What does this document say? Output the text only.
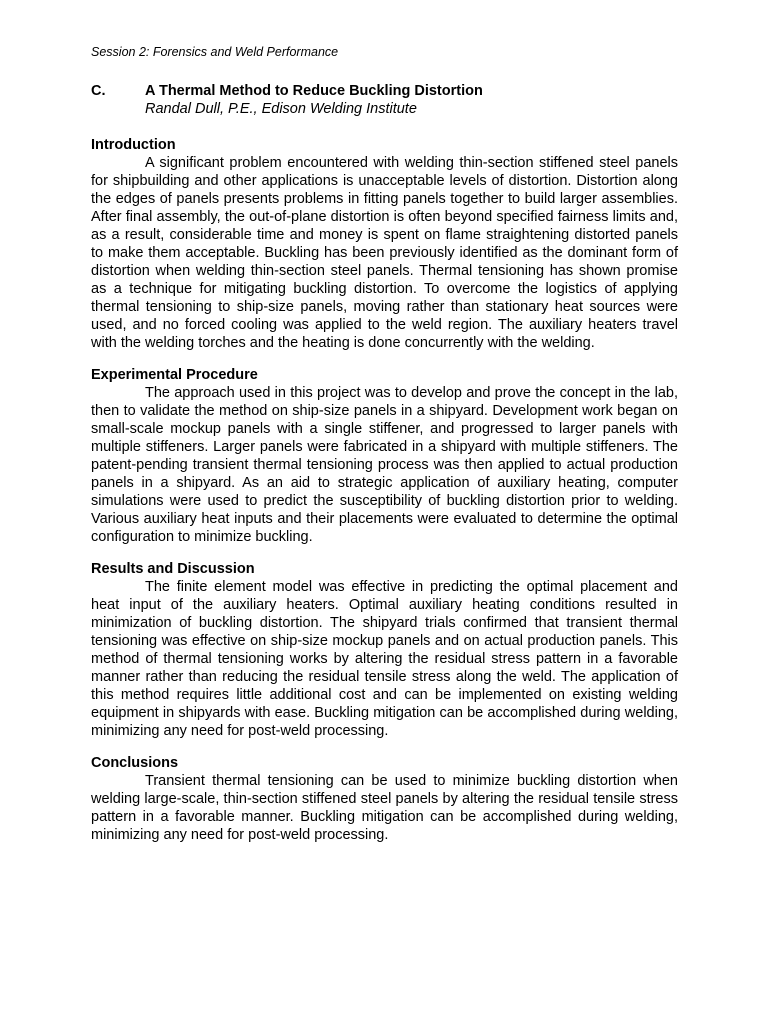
Session 2: Forensics and Weld Performance

C.	A Thermal Method to Reduce Buckling Distortion

Randal Dull, P.E., Edison Welding Institute

Introduction

A significant problem encountered with welding thin-section stiffened steel panels for shipbuilding and other applications is unacceptable levels of distortion. Distortion along the edges of panels presents problems in fitting panels together to build larger assemblies. After final assembly, the out-of-plane distortion is often beyond specified fairness limits and, as a result, considerable time and money is spent on flame straightening distorted panels to make them acceptable. Buckling has been previously identified as the dominant form of distortion when welding thin-section steel panels. Thermal tensioning has shown promise as a technique for mitigating buckling distortion. To overcome the logistics of applying thermal tensioning to ship-size panels, moving rather than stationary heat sources were used, and no forced cooling was applied to the weld region. The auxiliary heaters travel with the welding torches and the heating is done concurrently with the welding.

Experimental Procedure

The approach used in this project was to develop and prove the concept in the lab, then to validate the method on ship-size panels in a shipyard. Development work began on small-scale mockup panels with a single stiffener, and progressed to larger panels with multiple stiffeners. Larger panels were fabricated in a shipyard with multiple stiffeners. The patent-pending transient thermal tensioning process was then applied to actual production panels in a shipyard. As an aid to strategic application of auxiliary heating, computer simulations were used to predict the susceptibility of buckling distortion prior to welding. Various auxiliary heat inputs and their placements were evaluated to determine the optimal configuration to minimize buckling.

Results and Discussion

The finite element model was effective in predicting the optimal placement and heat input of the auxiliary heaters. Optimal auxiliary heating conditions resulted in minimization of buckling distortion. The shipyard trials confirmed that transient thermal tensioning was effective on ship-size mockup panels and on actual production panels. This method of thermal tensioning works by altering the residual stress pattern in a favorable manner rather than reducing the residual tensile stress along the weld. The application of this method requires little additional cost and can be implemented on existing welding equipment in shipyards with ease. Buckling mitigation can be accomplished during welding, minimizing any need for post-weld processing.

Conclusions

Transient thermal tensioning can be used to minimize buckling distortion when welding large-scale, thin-section stiffened steel panels by altering the residual tensile stress pattern in a favorable manner. Buckling mitigation can be accomplished during welding, minimizing any need for post-weld processing.
